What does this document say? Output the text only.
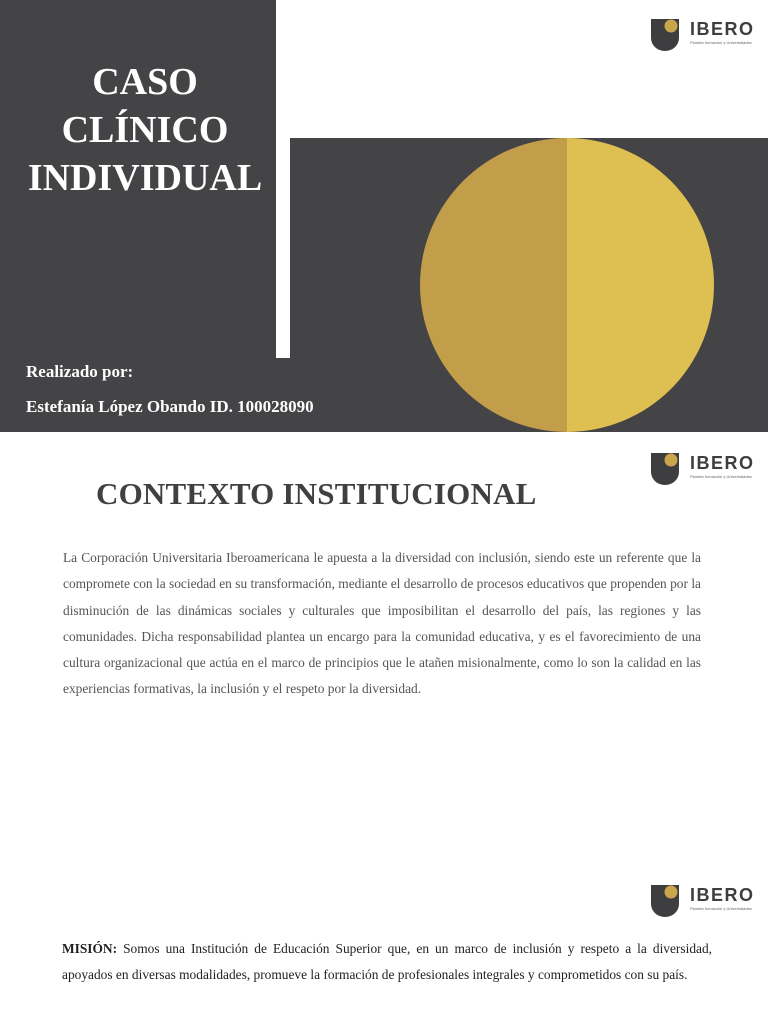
CASO
CLÍNICO
INDIVIDUAL
Realizado por:
Estefanía López Obando ID. 100028090
IBERO
Planeta formación y Universidades
IBERO
Planeta formación y Universidades
CONTEXTO INSTITUCIONAL
La Corporación Universitaria Iberoamericana le apuesta a la diversidad con inclusión, siendo este un referente que la compromete con la sociedad en su transformación, mediante el desarrollo de procesos educativos que propenden por la disminución de las dinámicas sociales y culturales que imposibilitan el desarrollo del país, las regiones y las comunidades. Dicha responsabilidad plantea un encargo para la comunidad educativa, y es el favorecimiento de una cultura organizacional que actúa en el marco de principios que le atañen misionalmente, como lo son la calidad en las experiencias formativas, la inclusión y el respeto por la diversidad.
IBERO
Planeta formación y Universidades
MISIÓN: Somos una Institución de Educación Superior que, en un marco de inclusión y respeto a la diversidad, apoyados en diversas modalidades, promueve la formación de profesionales integrales y comprometidos con su país.
